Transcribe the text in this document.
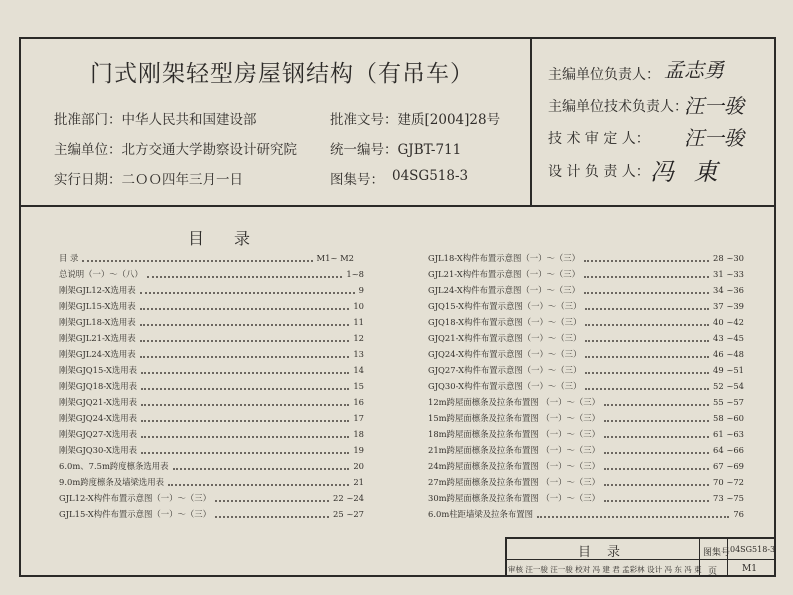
门式刚架轻型房屋钢结构（有吊车）
批准部门：中华人民共和国建设部	批准文号：建质[2004]28号
主编单位：北方交通大学勘察设计研究院 统一编号：GJBT-711
实行日期：二ＯＯ四年三月一日	图集号： 04SG518-3
主编单位负责人： 孟志勇
主编单位技术负责人：
汪一骏
技 术 审 定 人： 汪一骏
设 计 负 责 人： 冯 東
目录
目 录	M1~ M2
总说明（一）～（八）	1~8
刚架GJL12-X选用表	9
刚架GJL15-X选用表	10
刚架GJL18-X选用表	11
刚架GJL21-X选用表	12
刚架GJL24-X选用表	13
刚架GJQ15-X选用表	14
刚架GJQ18-X选用表	15
刚架GJQ21-X选用表	16
刚架GJQ24-X选用表	17
刚架GJQ27-X选用表	18
刚架GJQ30-X选用表	19
6.0m、7.5m跨度檩条选用表	20
9.0m跨度檩条及墙梁选用表	21
GJL12-X构件布置示意图（一）～（三）	22 ~24
GJL15-X构件布置示意图（一）～（三）	25 ~27
GJL18-X构件布置示意图（一）～（三）	28 ~30
GJL21-X构件布置示意图（一）～（三）	31 ~33
GJL24-X构件布置示意图（一）～（三）	34 ~36
GJQ15-X构件布置示意图（一）～（三）	37 ~39
GJQ18-X构件布置示意图（一）～（三）	40 ~42
GJQ21-X构件布置示意图（一）～（三）	43 ~45
GJQ24-X构件布置示意图（一）～（三）	46 ~48
GJQ27-X构件布置示意图（一）～（三）	49 ~51
GJQ30-X构件布置示意图（一）～（三）	52 ~54
12m跨屋面檩条及拉条布置图 （一）～（三）	55 ~57
15m跨屋面檩条及拉条布置图 （一）～（三）	58 ~60
18m跨屋面檩条及拉条布置图 （一）～（三）	61 ~63
21m跨屋面檩条及拉条布置图 （一）～（三）	64 ~66
24m跨屋面檩条及拉条布置图 （一）～（三）	67 ~69
27m跨屋面檩条及拉条布置图 （一）～（三）	70 ~72
30m跨屋面檩条及拉条布置图 （一）～（三）	73 ~75
6.0m柱距墙梁及拉条布置图	76
目录	图集号 04SG518-3
审核 汪一骏 汪一骏 校对 冯 建 君 孟彩林 设计 冯 东 冯 東 页	M1
